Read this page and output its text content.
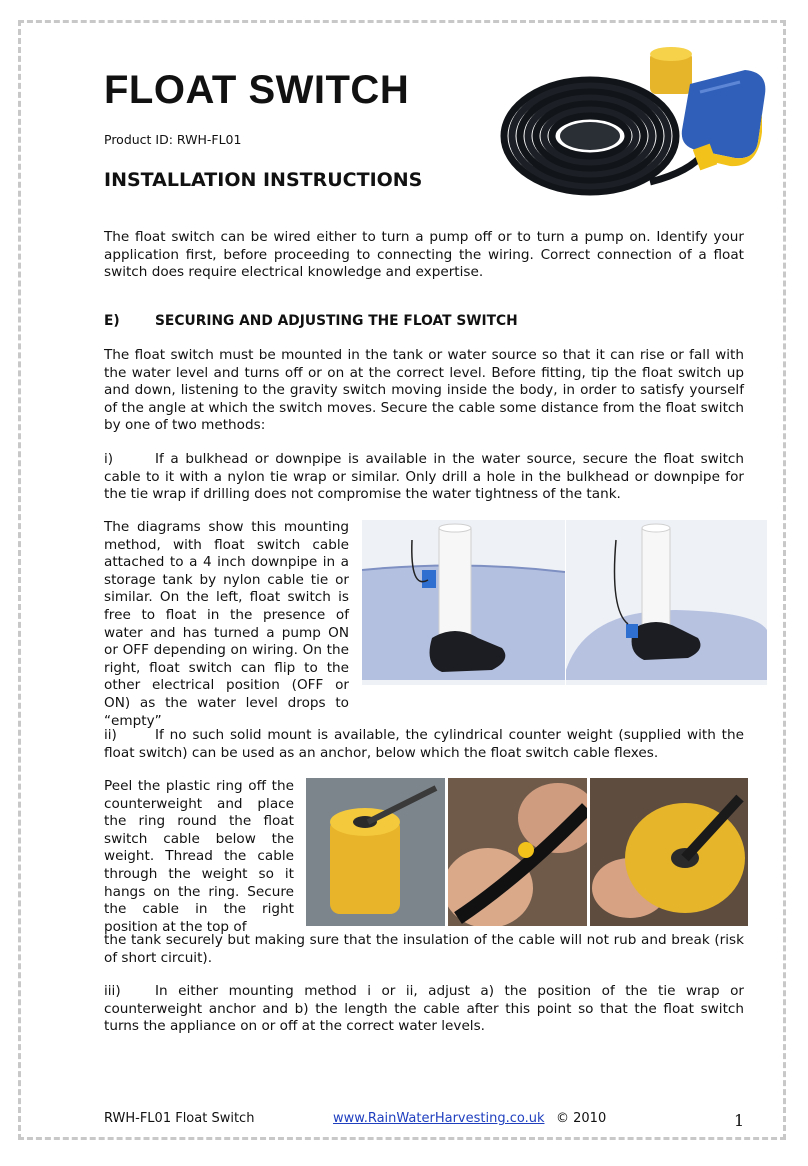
FLOAT SWITCH
Product ID: RWH-FL01
INSTALLATION INSTRUCTIONS

The float switch can be wired either to turn a pump off or to turn a pump on. Identify your application first, before proceeding to connecting the wiring. Correct connection of a float switch does require electrical knowledge and expertise.

E)	SECURING AND ADJUSTING THE FLOAT SWITCH

The float switch must be mounted in the tank or water source so that it can rise or fall with the water level and turns off or on at the correct level. Before fitting, tip the float switch up and down, listening to the gravity switch moving inside the body, in order to satisfy yourself of the angle at which the switch moves. Secure the cable some distance from the float switch by one of two methods:

i)	If a bulkhead or downpipe is available in the water source, secure the float switch cable to it with a nylon tie wrap or similar. Only drill a hole in the bulkhead or downpipe for the tie wrap if drilling does not compromise the water tightness of the tank.

The diagrams show this mounting method, with float switch cable attached to a 4 inch downpipe in a storage tank by nylon cable tie or similar. On the left, float switch is free to float in the presence of water and has turned a pump ON or OFF depending on wiring. On the right, float switch can flip to the other electrical position (OFF or ON) as the water level drops to “empty”

ii)	If no such solid mount is available, the cylindrical counter weight (supplied with the float switch) can be used as an anchor, below which the float switch cable flexes.

Peel the plastic ring off the counterweight and place the ring round the float switch cable below the weight. Thread the cable through the weight so it hangs on the ring. Secure the cable in the right position at the top of

the tank securely but making sure that the insulation of the cable will not rub and break (risk of short circuit).

iii)	In either mounting method i or ii, adjust a) the position of the tie wrap or counterweight anchor and b) the length the cable after this point so that the float switch turns the appliance on or off at the correct water levels.

RWH-FL01 Float Switch	www.RainWaterHarvesting.co.uk © 2010	1
